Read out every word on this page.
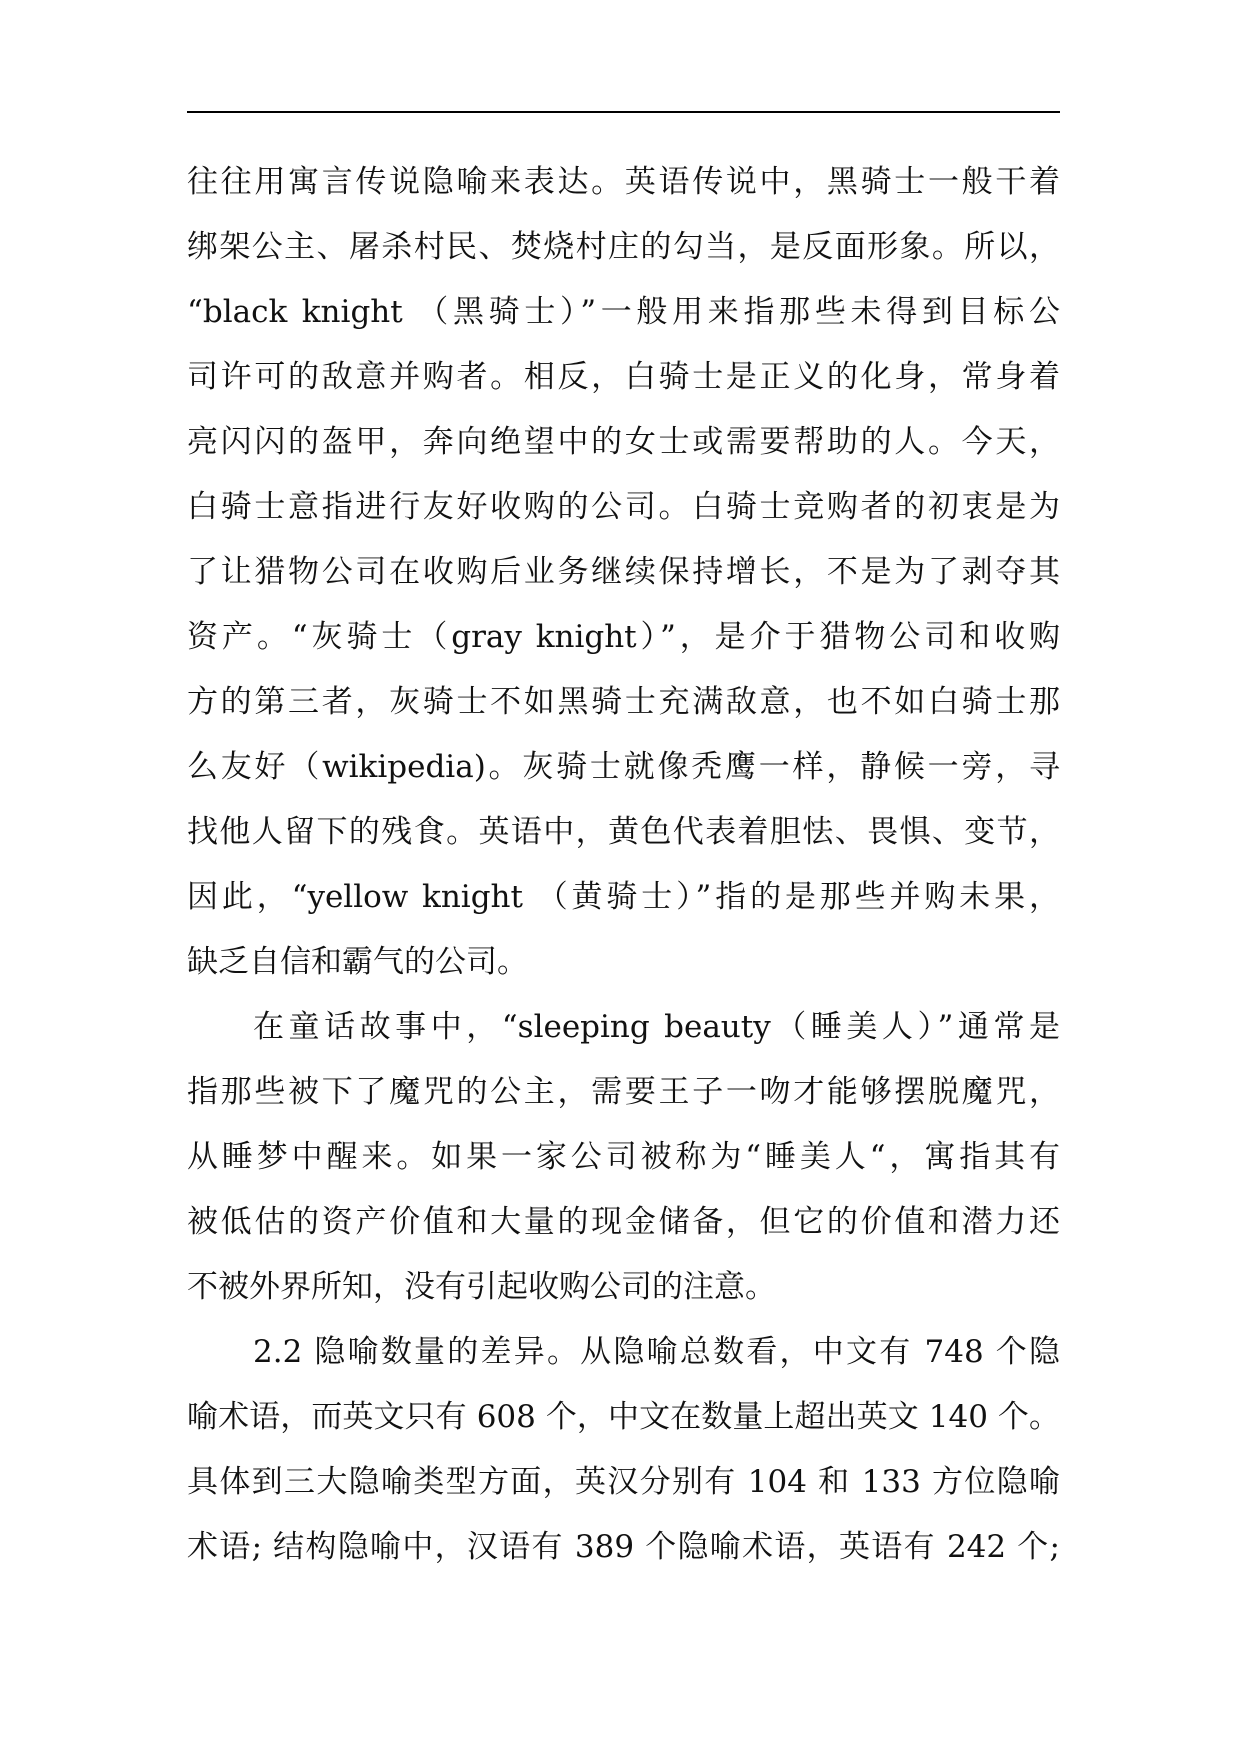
往往用寓言传说隐喻来表达。英语传说中，黑骑士一般干着
绑架公主、屠杀村民、焚烧村庄的勾当，是反面形象。所以，
“black knight （黑骑士）”一般用来指那些未得到目标公
司许可的敌意并购者。相反，白骑士是正义的化身，常身着
亮闪闪的盔甲，奔向绝望中的女士或需要帮助的人。今天，
白骑士意指进行友好收购的公司。白骑士竞购者的初衷是为
了让猎物公司在收购后业务继续保持增长，不是为了剥夺其
资产。“灰骑士（gray knight）”，是介于猎物公司和收购
方的第三者，灰骑士不如黑骑士充满敌意，也不如白骑士那
么友好（wikipedia)。灰骑士就像秃鹰一样，静候一旁，寻
找他人留下的残食。英语中，黄色代表着胆怯、畏惧、变节，
因此，“yellow knight （黄骑士）”指的是那些并购未果，
缺乏自信和霸气的公司。
在童话故事中，“sleeping beauty（睡美人）”通常是
指那些被下了魔咒的公主，需要王子一吻才能够摆脱魔咒，
从睡梦中醒来。如果一家公司被称为“睡美人“，寓指其有
被低估的资产价值和大量的现金储备，但它的价值和潜力还
不被外界所知，没有引起收购公司的注意。
2.2 隐喻数量的差异。从隐喻总数看，中文有 748 个隐
喻术语，而英文只有 608 个，中文在数量上超出英文 140 个。
具体到三大隐喻类型方面，英汉分别有 104 和 133 方位隐喻
术语; 结构隐喻中，汉语有 389 个隐喻术语，英语有 242 个;
